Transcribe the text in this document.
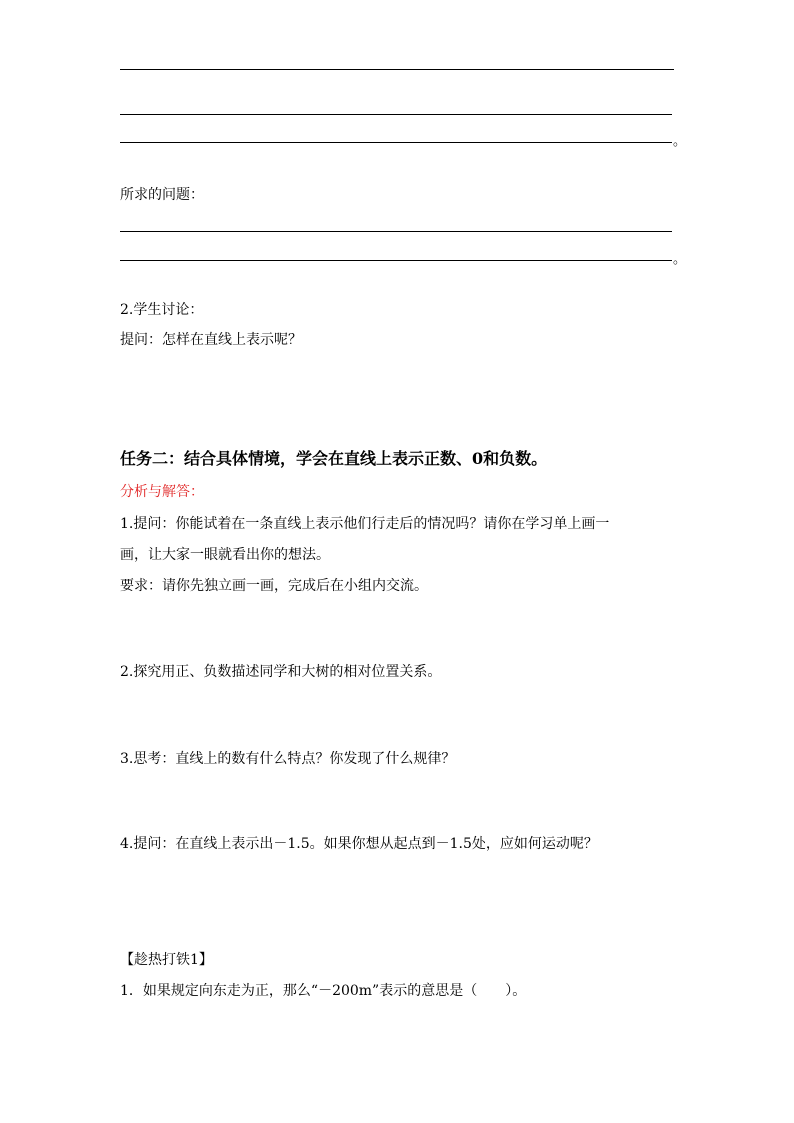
。
所求的问题：
。
2.学生讨论：
提问：怎样在直线上表示呢？
任务二：结合具体情境，学会在直线上表示正数、0和负数。
分析与解答：
1.提问：你能试着在一条直线上表示他们行走后的情况吗？请你在学习单上画一
画，让大家一眼就看出你的想法。
要求：请你先独立画一画，完成后在小组内交流。
2.探究用正、负数描述同学和大树的相对位置关系。
3.思考：直线上的数有什么特点？你发现了什么规律？
4.提问：在直线上表示出－1.5。如果你想从起点到－1.5处，应如何运动呢？
【趁热打铁1】
1．如果规定向东走为正，那么“－200m”表示的意思是（　　）。
